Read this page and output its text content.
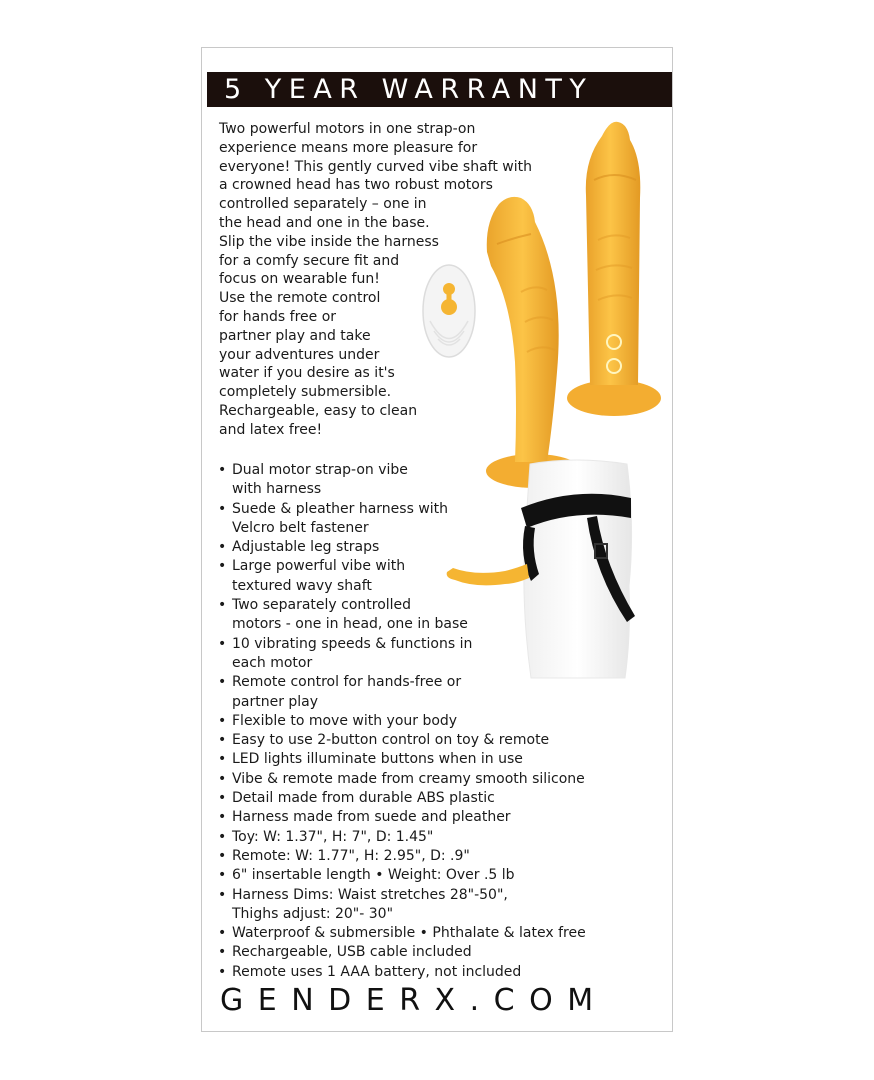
5 YEAR WARRANTY
Two powerful motors in one strap-on
experience means more pleasure for
everyone! This gently curved vibe shaft with
a crowned head has two robust motors
controlled separately – one in
the head and one in the base.
Slip the vibe inside the harness
for a comfy secure fit and
focus on wearable fun!
Use the remote control
for hands free or
partner play and take
your adventures under
water if you desire as it's
completely submersible.
Rechargeable, easy to clean
and latex free!
• Dual motor strap-on vibe
with harness
• Suede & pleather harness with
Velcro belt fastener
• Adjustable leg straps
• Large powerful vibe with
textured wavy shaft
• Two separately controlled
motors - one in head, one in base
• 10 vibrating speeds & functions in
each motor
• Remote control for hands-free or
partner play
• Flexible to move with your body
• Easy to use 2-button control on toy & remote
• LED lights illuminate buttons when in use
• Vibe & remote made from creamy smooth silicone
• Detail made from durable ABS plastic
• Harness made from suede and pleather
• Toy: W: 1.37", H: 7", D: 1.45"
• Remote: W: 1.77", H: 2.95", D: .9"
• 6" insertable length • Weight: Over .5 lb
• Harness Dims: Waist stretches 28"-50",
Thighs adjust: 20"- 30"
• Waterproof & submersible • Phthalate & latex free
• Rechargeable, USB cable included
• Remote uses 1 AAA battery, not included
GENDERX.COM
